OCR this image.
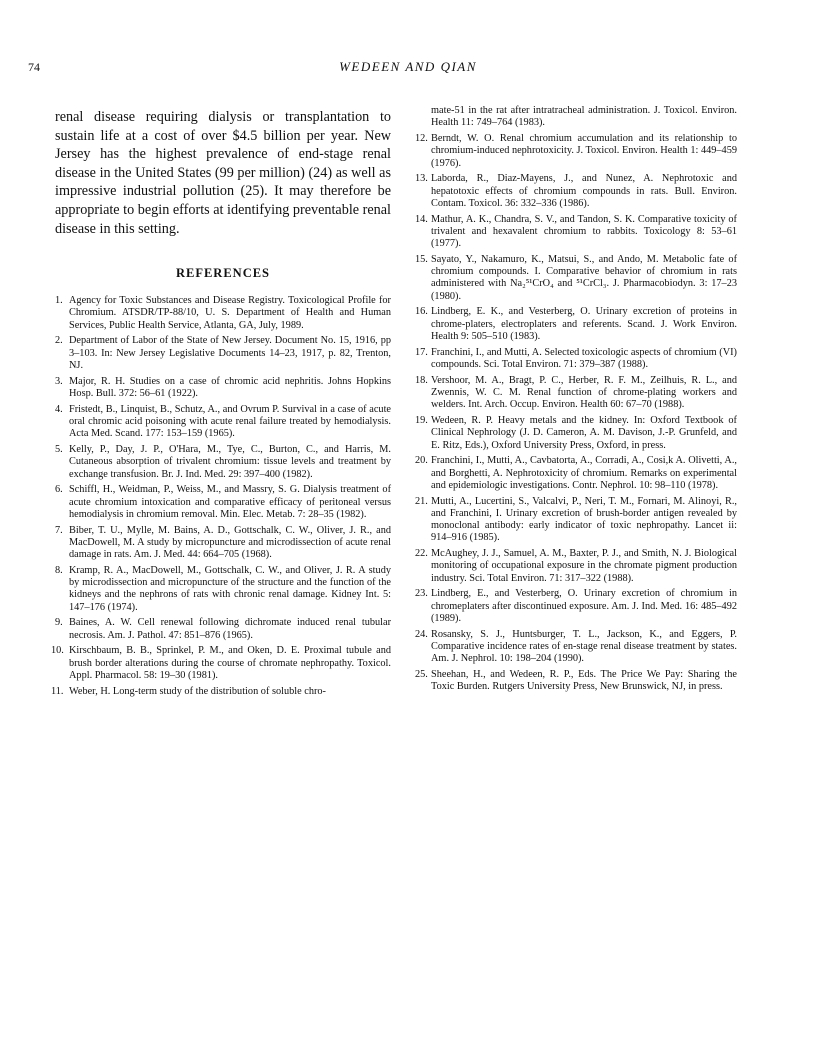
74	WEDEEN AND QIAN

renal disease requiring dialysis or transplantation to sustain life at a cost of over $4.5 billion per year. New Jersey has the highest prevalence of end-stage renal disease in the United States (99 per million) (24) as well as impressive industrial pollution (25). It may therefore be appropriate to begin efforts at identifying preventable renal disease in this setting.

REFERENCES
1. Agency for Toxic Substances and Disease Registry. Toxicological Profile for Chromium. ATSDR/TP-88/10, U. S. Department of Health and Human Services, Public Health Service, Atlanta, GA, July, 1989.
2. Department of Labor of the State of New Jersey. Document No. 15, 1916, pp 3–103. In: New Jersey Legislative Documents 14–23, 1917, p. 82, Trenton, NJ.
3. Major, R. H. Studies on a case of chromic acid nephritis. Johns Hopkins Hosp. Bull. 372: 56–61 (1922).
4. Fristedt, B., Linquist, B., Schutz, A., and Ovrum P. Survival in a case of acute oral chromic acid poisoning with acute renal failure treated by hemodialysis. Acta Med. Scand. 177: 153–159 (1965).
5. Kelly, P., Day, J. P., O'Hara, M., Tye, C., Burton, C., and Harris, M. Cutaneous absorption of trivalent chromium: tissue levels and treatment by exchange transfusion. Br. J. Ind. Med. 29: 397–400 (1982).
6. Schiffl, H., Weidman, P., Weiss, M., and Massry, S. G. Dialysis treatment of acute chromium intoxication and comparative efficacy of peritoneal versus hemodialysis in chromium removal. Min. Elec. Metab. 7: 28–35 (1982).
7. Biber, T. U., Mylle, M. Bains, A. D., Gottschalk, C. W., Oliver, J. R., and MacDowell, M. A study by micropuncture and microdissection of acute renal damage in rats. Am. J. Med. 44: 664–705 (1968).
8. Kramp, R. A., MacDowell, M., Gottschalk, C. W., and Oliver, J. R. A study by microdissection and micropuncture of the structure and the function of the kidneys and the nephrons of rats with chronic renal damage. Kidney Int. 5: 147–176 (1974).
9. Baines, A. W. Cell renewal following dichromate induced renal tubular necrosis. Am. J. Pathol. 47: 851–876 (1965).
10. Kirschbaum, B. B., Sprinkel, P. M., and Oken, D. E. Proximal tubule and brush border alterations during the course of chromate nephropathy. Toxicol. Appl. Pharmacol. 58: 19–30 (1981).
11. Weber, H. Long-term study of the distribution of soluble chro-
mate-51 in the rat after intratracheal administration. J. Toxicol. Environ. Health 11: 749–764 (1983).
12. Berndt, W. O. Renal chromium accumulation and its relationship to chromium-induced nephrotoxicity. J. Toxicol. Environ. Health 1: 449–459 (1976).
13. Laborda, R., Diaz-Mayens, J., and Nunez, A. Nephrotoxic and hepatotoxic effects of chromium compounds in rats. Bull. Environ. Contam. Toxicol. 36: 332–336 (1986).
14. Mathur, A. K., Chandra, S. V., and Tandon, S. K. Comparative toxicity of trivalent and hexavalent chromium to rabbits. Toxicology 8: 53–61 (1977).
15. Sayato, Y., Nakamuro, K., Matsui, S., and Ando, M. Metabolic fate of chromium compounds. I. Comparative behavior of chromium in rats administered with Na₂⁵¹CrO₄ and ⁵¹CrCl₃. J. Pharmacobiodyn. 3: 17–23 (1980).
16. Lindberg, E. K., and Vesterberg, O. Urinary excretion of proteins in chrome-platers, electroplaters and referents. Scand. J. Work Environ. Health 9: 505–510 (1983).
17. Franchini, I., and Mutti, A. Selected toxicologic aspects of chromium (VI) compounds. Sci. Total Environ. 71: 379–387 (1988).
18. Vershoor, M. A., Bragt, P. C., Herber, R. F. M., Zeilhuis, R. L., and Zwennis, W. C. M. Renal function of chrome-plating workers and welders. Int. Arch. Occup. Environ. Health 60: 67–70 (1988).
19. Wedeen, R. P. Heavy metals and the kidney. In: Oxford Textbook of Clinical Nephrology (J. D. Cameron, A. M. Davison, J.-P. Grunfeld, and E. Ritz, Eds.), Oxford University Press, Oxford, in press.
20. Franchini, I., Mutti, A., Cavbatorta, A., Corradi, A., Cosi,k A. Olivetti, A., and Borghetti, A. Nephrotoxicity of chromium. Remarks on experimental and epidemiologic investigations. Contr. Nephrol. 10: 98–110 (1978).
21. Mutti, A., Lucertini, S., Valcalvi, P., Neri, T. M., Fornari, M. Alinoyi, R., and Franchini, I. Urinary excretion of brush-border antigen revealed by monoclonal antibody: early indicator of toxic nephropathy. Lancet ii: 914–916 (1985).
22. McAughey, J. J., Samuel, A. M., Baxter, P. J., and Smith, N. J. Biological monitoring of occupational exposure in the chromate pigment production industry. Sci. Total Environ. 71: 317–322 (1988).
23. Lindberg, E., and Vesterberg, O. Urinary excretion of chromium in chromeplaters after discontinued exposure. Am. J. Ind. Med. 16: 485–492 (1989).
24. Rosansky, S. J., Huntsburger, T. L., Jackson, K., and Eggers, P. Comparative incidence rates of en-stage renal disease treatment by states. Am. J. Nephrol. 10: 198–204 (1990).
25. Sheehan, H., and Wedeen, R. P., Eds. The Price We Pay: Sharing the Toxic Burden. Rutgers University Press, New Brunswick, NJ, in press.
